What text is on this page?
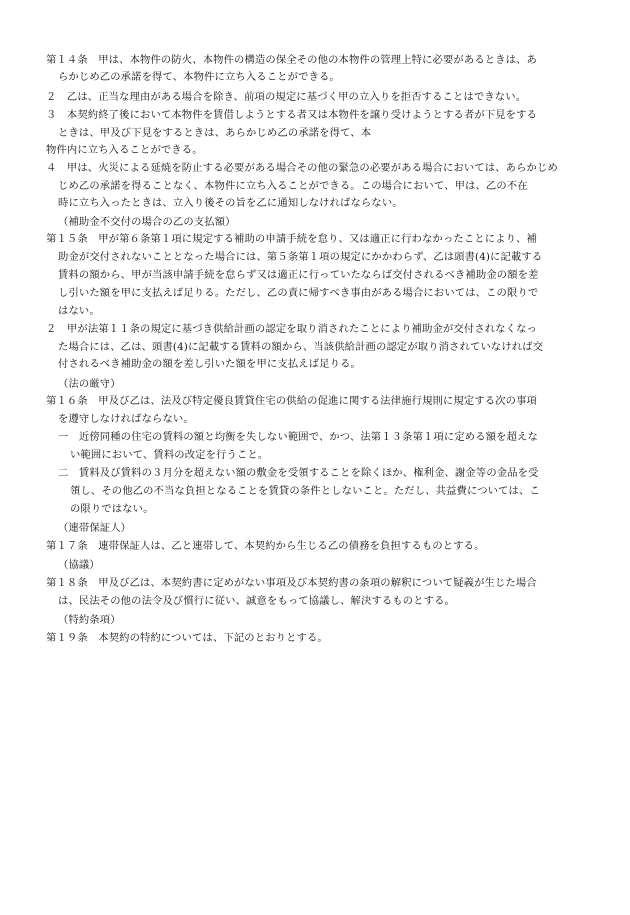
第１４条　甲は、本物件の防火、本物件の構造の保全その他の本物件の管理上特に必要があるときは、あ
らかじめ乙の承諾を得て、本物件に立ち入ることができる。
２　乙は、正当な理由がある場合を除き、前項の規定に基づく甲の立入りを拒否することはできない。
３　本契約終了後において本物件を賃借しようとする者又は本物件を譲り受けようとする者が下見をする
ときは、甲及び下見をするときは、あらかじめ乙の承諾を得て、本
物件内に立ち入ることができる。
４　甲は、火災による延焼を防止する必要がある場合その他の緊急の必要がある場合においては、あらかじめ
じめ乙の承諾を得ることなく、本物件に立ち入ることができる。この場合において、甲は、乙の不在
時に立ち入ったときは、立入り後その旨を乙に通知しなければならない。
（補助金不交付の場合の乙の支払額）
第１５条　甲が第６条第１項に規定する補助の申請手続を怠り、又は適正に行わなかったことにより、補
助金が交付されないこととなった場合には、第５条第１項の規定にかかわらず、乙は頭書(4)に記載する
賃料の額から、甲が当該申請手続を怠らず又は適正に行っていたならば交付されるべき補助金の額を差
し引いた額を甲に支払えば足りる。ただし、乙の責に帰すべき事由がある場合においては、この限りで
はない。
２　甲が法第１１条の規定に基づき供給計画の認定を取り消されたことにより補助金が交付されなくなっ
た場合には、乙は、頭書(4)に記載する賃料の額から、当該供給計画の認定が取り消されていなければ交
付されるべき補助金の額を差し引いた額を甲に支払えば足りる。
（法の厳守）
第１６条　甲及び乙は、法及び特定優良賃貸住宅の供給の促進に関する法律施行規則に規定する次の事項
を遵守しなければならない。
一　近傍同種の住宅の賃料の額と均衡を失しない範囲で、かつ、法第１３条第１項に定める額を超えな
い範囲において、賃料の改定を行うこと。
二　賃料及び賃料の３月分を超えない額の敷金を受領することを除くほか、権利金、謝金等の金品を受
領し、その他乙の不当な負担となることを賃貸の条件としないこと。ただし、共益費については、こ
の限りではない。
（連帯保証人）
第１７条　連帯保証人は、乙と連帯して、本契約から生じる乙の債務を負担するものとする。
（協議）
第１８条　甲及び乙は、本契約書に定めがない事項及び本契約書の条項の解釈について疑義が生じた場合
は、民法その他の法令及び慣行に従い、誠意をもって協議し、解決するものとする。
（特約条項）
第１９条　本契約の特約については、下記のとおりとする。
